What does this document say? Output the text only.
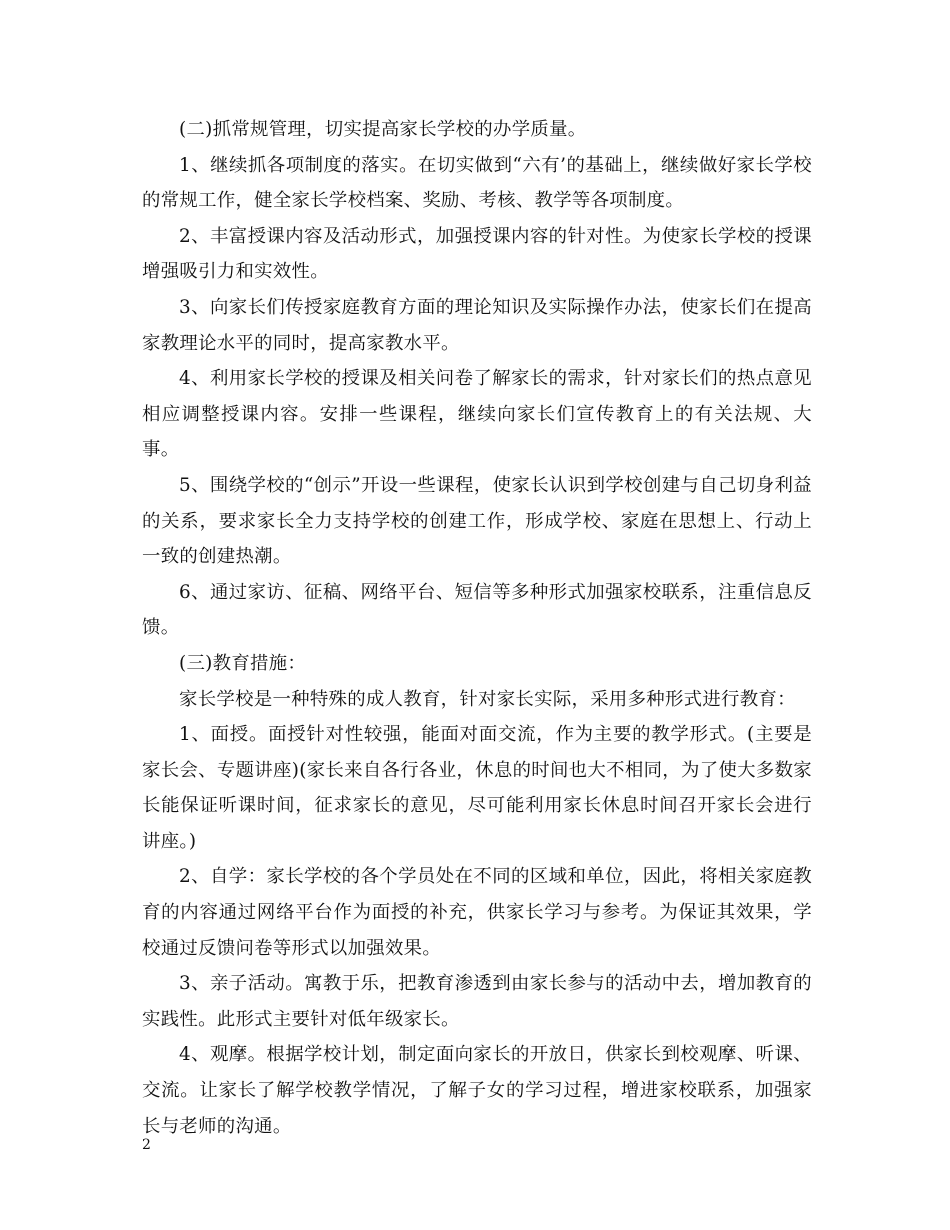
(二)抓常规管理，切实提高家长学校的办学质量。

1、继续抓各项制度的落实。在切实做到“六有’的基础上，继续做好家长学校的常规工作，健全家长学校档案、奖励、考核、教学等各项制度。

2、丰富授课内容及活动形式，加强授课内容的针对性。为使家长学校的授课增强吸引力和实效性。

3、向家长们传授家庭教育方面的理论知识及实际操作办法，使家长们在提高家教理论水平的同时，提高家教水平。

4、利用家长学校的授课及相关问卷了解家长的需求，针对家长们的热点意见相应调整授课内容。安排一些课程，继续向家长们宣传教育上的有关法规、大事。

5、围绕学校的“创示”开设一些课程，使家长认识到学校创建与自己切身利益的关系，要求家长全力支持学校的创建工作，形成学校、家庭在思想上、行动上一致的创建热潮。

6、通过家访、征稿、网络平台、短信等多种形式加强家校联系，注重信息反馈。

(三)教育措施：

家长学校是一种特殊的成人教育，针对家长实际，采用多种形式进行教育：

1、面授。面授针对性较强，能面对面交流，作为主要的教学形式。(主要是家长会、专题讲座)(家长来自各行各业，休息的时间也大不相同，为了使大多数家长能保证听课时间，征求家长的意见，尽可能利用家长休息时间召开家长会进行讲座。)

2、自学：家长学校的各个学员处在不同的区域和单位，因此，将相关家庭教育的内容通过网络平台作为面授的补充，供家长学习与参考。为保证其效果，学校通过反馈问卷等形式以加强效果。

3、亲子活动。寓教于乐，把教育渗透到由家长参与的活动中去，增加教育的实践性。此形式主要针对低年级家长。

4、观摩。根据学校计划，制定面向家长的开放日，供家长到校观摩、听课、交流。让家长了解学校教学情况，了解子女的学习过程，增进家校联系，加强家长与老师的沟通。

2
